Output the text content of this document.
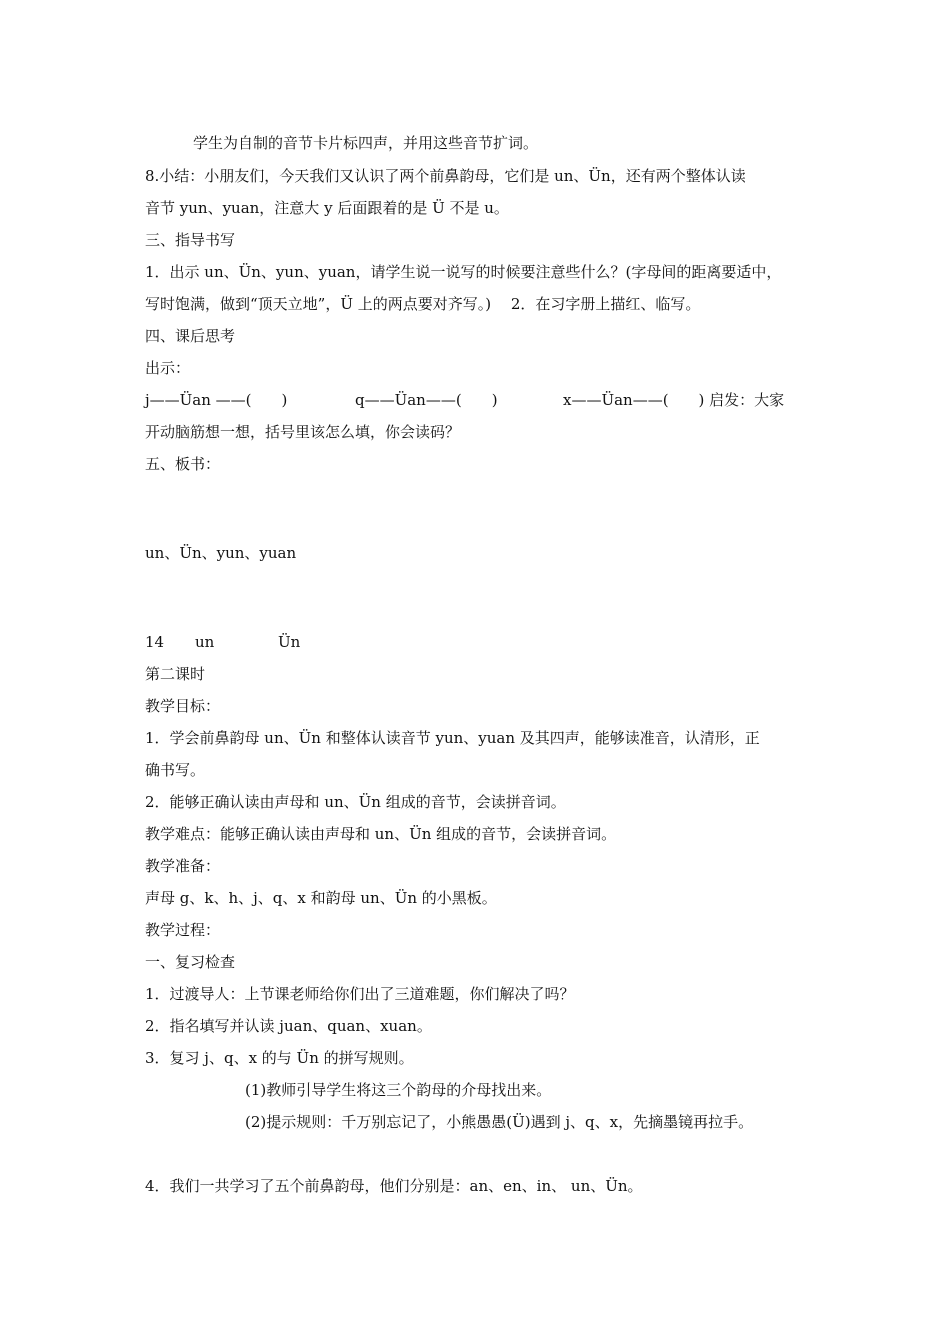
学生为自制的音节卡片标四声，并用这些音节扩词。
8.小结：小朋友们，今天我们又认识了两个前鼻韵母，它们是 un、Ün，还有两个整体认读
音节 yun、yuan，注意大 y 后面跟着的是 Ü 不是 u。
三、指导书写
1．出示 un、Ün、yun、yuan，请学生说一说写的时候要注意些什么？(字母间的距离要适中，
写时饱满，做到“顶天立地”，Ü 上的两点要对齐写。)　 2．在习字册上描红、临写。
四、课后思考
出示：
j——Üan ——(　　)	q——Üan——(　　)	x——Üan——(　　) 启发：大家
开动脑筋想一想，括号里该怎么填，你会读码？
五、板书：
un、Ün、yun、yuan
14 un	Ün
第二课时
教学目标：
1．学会前鼻韵母 un、Ün 和整体认读音节 yun、yuan 及其四声，能够读准音，认清形，正
确书写。
2．能够正确认读由声母和 un、Ün 组成的音节，会读拼音词。
教学难点：能够正确认读由声母和 un、Ün 组成的音节，会读拼音词。
教学准备：
声母 g、k、h、j、q、x 和韵母 un、Ün 的小黑板。
教学过程：
一、复习检查
1．过渡导人：上节课老师给你们出了三道难题，你们解决了吗？
2．指名填写并认读 juan、quan、xuan。
3．复习 j、q、x 的与 Ün 的拼写规则。
(1)教师引导学生将这三个韵母的介母找出来。
(2)提示规则：千万别忘记了，小熊愚愚(Ü)遇到 j、q、x，先摘墨镜再拉手。
4．我们一共学习了五个前鼻韵母，他们分别是：an、en、in、 un、Ün。
